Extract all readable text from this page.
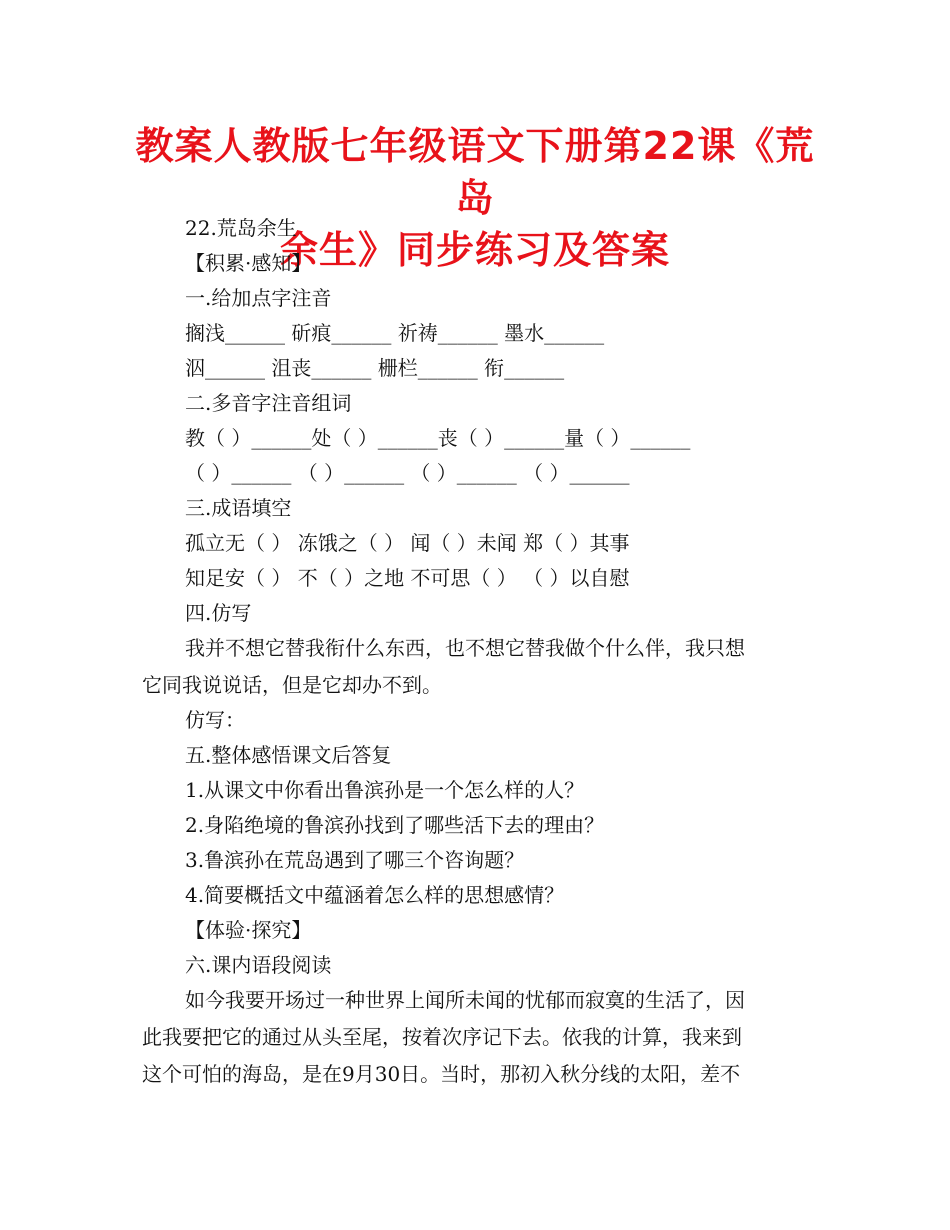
教案人教版七年级语文下册第22课《荒岛
余生》同步练习及答案
22.荒岛余生
【积累·感知】
一.给加点字注音
搁浅______ 斫痕______ 祈祷______ 墨水______
泅______ 沮丧______ 栅栏______ 衔______
二.多音字注音组词
教（ ）______处（ ）______丧（ ）______量（ ）______
（ ）______ （ ）______ （ ）______ （ ）______
三.成语填空
孤立无（ ） 冻饿之（ ） 闻（ ）未闻 郑（ ）其事
知足安（ ） 不（ ）之地 不可思（ ） （ ）以自慰
四.仿写
我并不想它替我衔什么东西，也不想它替我做个什么伴，我只想
它同我说说话，但是它却办不到。
仿写：
五.整体感悟课文后答复
1.从课文中你看出鲁滨孙是一个怎么样的人？
2.身陷绝境的鲁滨孙找到了哪些活下去的理由？
3.鲁滨孙在荒岛遇到了哪三个咨询题？
4.简要概括文中蕴涵着怎么样的思想感情？
【体验·探究】
六.课内语段阅读
如今我要开场过一种世界上闻所未闻的忧郁而寂寞的生活了，因
此我要把它的通过从头至尾，按着次序记下去。依我的计算，我来到
这个可怕的海岛，是在9月30日。当时，那初入秋分线的太阳，差不
